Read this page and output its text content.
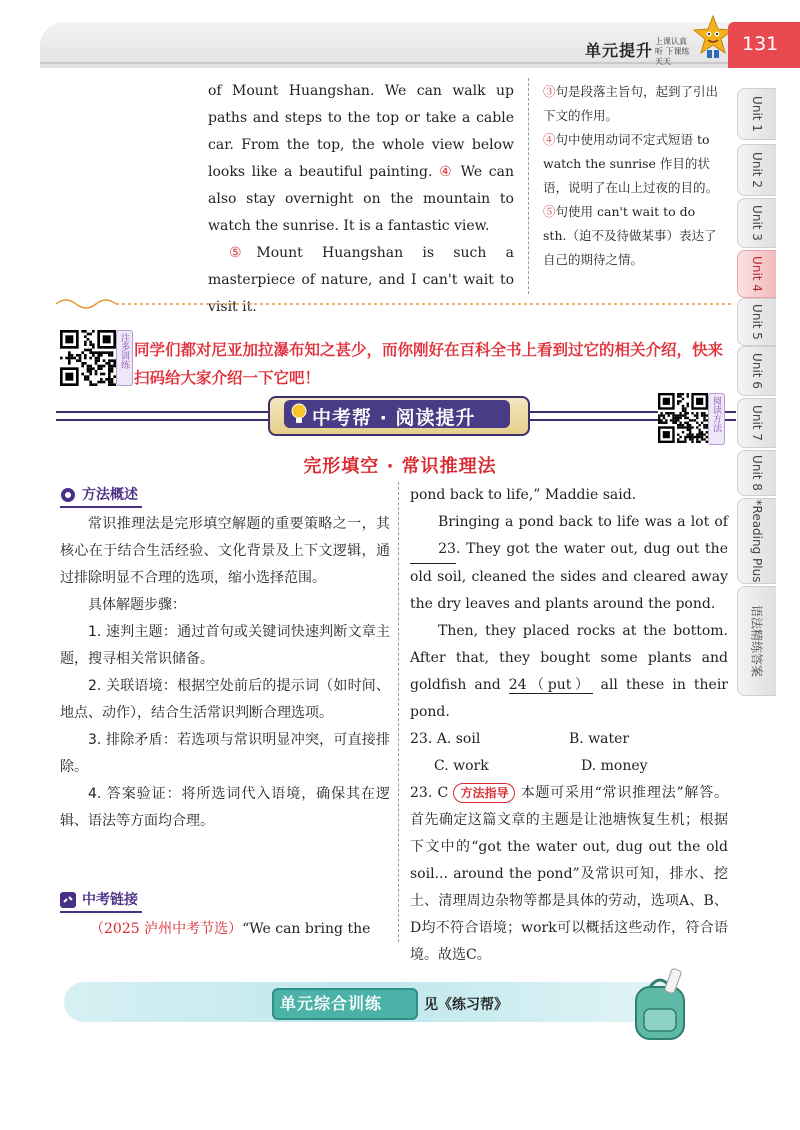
单元提升 上课认真听 下课练天天
131
Unit 1
Unit 2
Unit 3
Unit 4
Unit 5
Unit 6
Unit 7
Unit 8
*Reading Plus
语法精练答案

of Mount Huangshan. We can walk up paths and steps to the top or take a cable car. From the top, the whole view below looks like a beautiful painting. ④ We can also stay overnight on the mountain to watch the sunrise. It is a fantastic view.

⑤Mount Huangshan is such a masterpiece of nature, and I can't wait to visit it.

③句是段落主旨句，起到了引出下文的作用。

④句中使用动词不定式短语 to watch the sunrise 作目的状语，说明了在山上过夜的目的。

⑤句使用 can't wait to do sth.（迫不及待做某事）表达了自己的期待之情。

注多训练 同学们都对尼亚加拉瀑布知之甚少，而你刚好在百科全书上看到过它的相关介绍，快来扫码给大家介绍一下它吧！
中考帮 · 阅读提升	阅读方法
完形填空 · 常识推理法
方法概述

常识推理法是完形填空解题的重要策略之一，其核心在于结合生活经验、文化背景及上下文逻辑，通过排除明显不合理的选项，缩小选择范围。

具体解题步骤：

1. 速判主题：通过首句或关键词快速判断文章主题，搜寻相关常识储备。

2. 关联语境：根据空处前后的提示词（如时间、地点、动作），结合生活常识判断合理选项。

3. 排除矛盾：若选项与常识明显冲突，可直接排除。

4. 答案验证：将所选词代入语境，确保其在逻辑、语法等方面均合理。

中考链接
（2025 泸州中考节选）“We can bring the

pond back to life,” Maddie said.

Bringing a pond back to life was a lot of 23. They got the water out, dug out the old soil, cleaned the sides and cleared away the dry leaves and plants around the pond.

Then, they placed rocks at the bottom. After that, they bought some plants and goldfish and 24（put） all these in their pond.

23. A. soil	B. water
C. work	D. money

23. C 方法指导 本题可采用“常识推理法”解答。首先确定这篇文章的主题是让池塘恢复生机；根据下文中的“got the water out, dug out the old soil... around the pond”及常识可知，排水、挖土、清理周边杂物等都是具体的劳动，选项A、B、D均不符合语境；work可以概括这些动作，符合语境。故选C。

单元综合训练	见《练习帮》
